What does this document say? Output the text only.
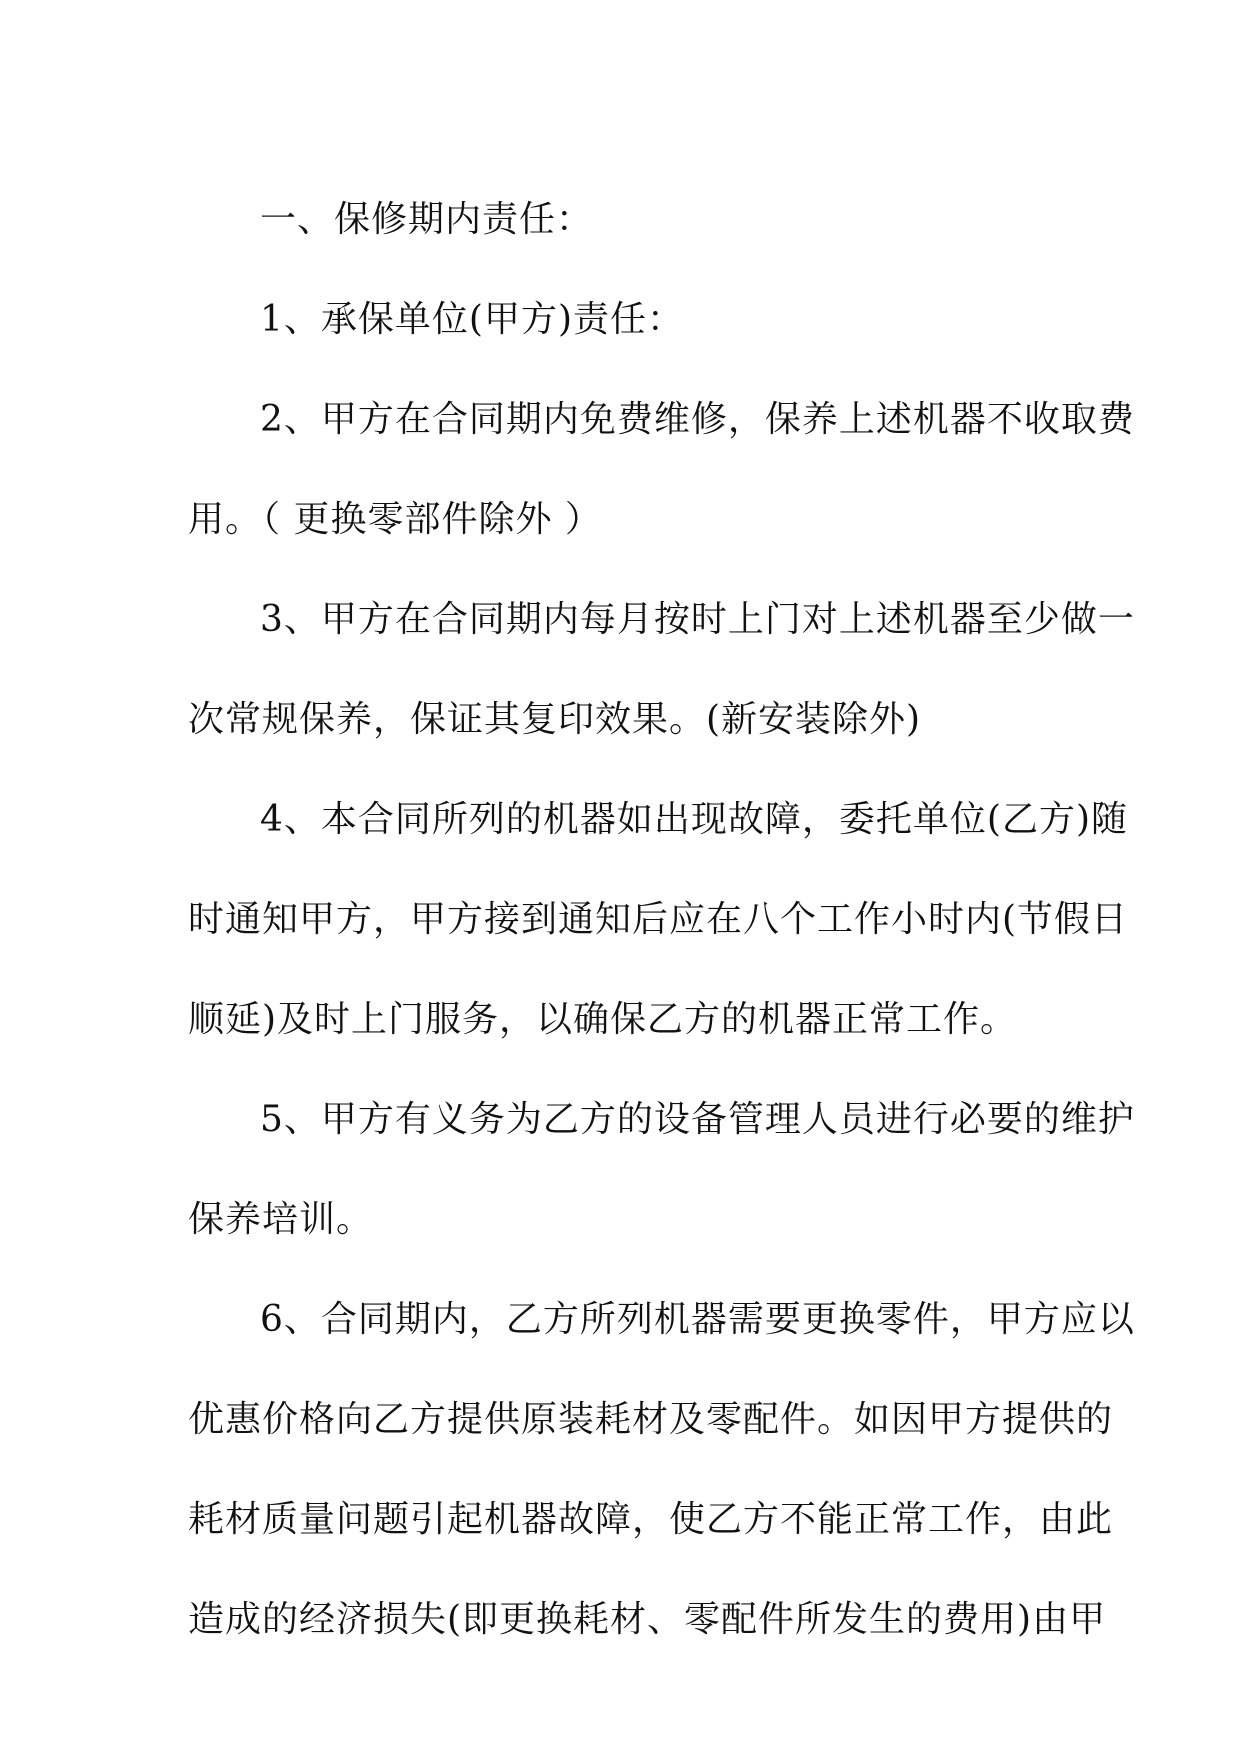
一、保修期内责任：
1、承保单位(甲方)责任：
2、甲方在合同期内免费维修，保养上述机器不收取费
用。（ 更换零部件除外 ）
3、甲方在合同期内每月按时上门对上述机器至少做一
次常规保养，保证其复印效果。(新安装除外)
4、本合同所列的机器如出现故障，委托单位(乙方)随
时通知甲方，甲方接到通知后应在八个工作小时内(节假日
顺延)及时上门服务，以确保乙方的机器正常工作。
5、甲方有义务为乙方的设备管理人员进行必要的维护
保养培训。
6、合同期内，乙方所列机器需要更换零件，甲方应以
优惠价格向乙方提供原装耗材及零配件。如因甲方提供的
耗材质量问题引起机器故障，使乙方不能正常工作，由此
造成的经济损失(即更换耗材、零配件所发生的费用)由甲
